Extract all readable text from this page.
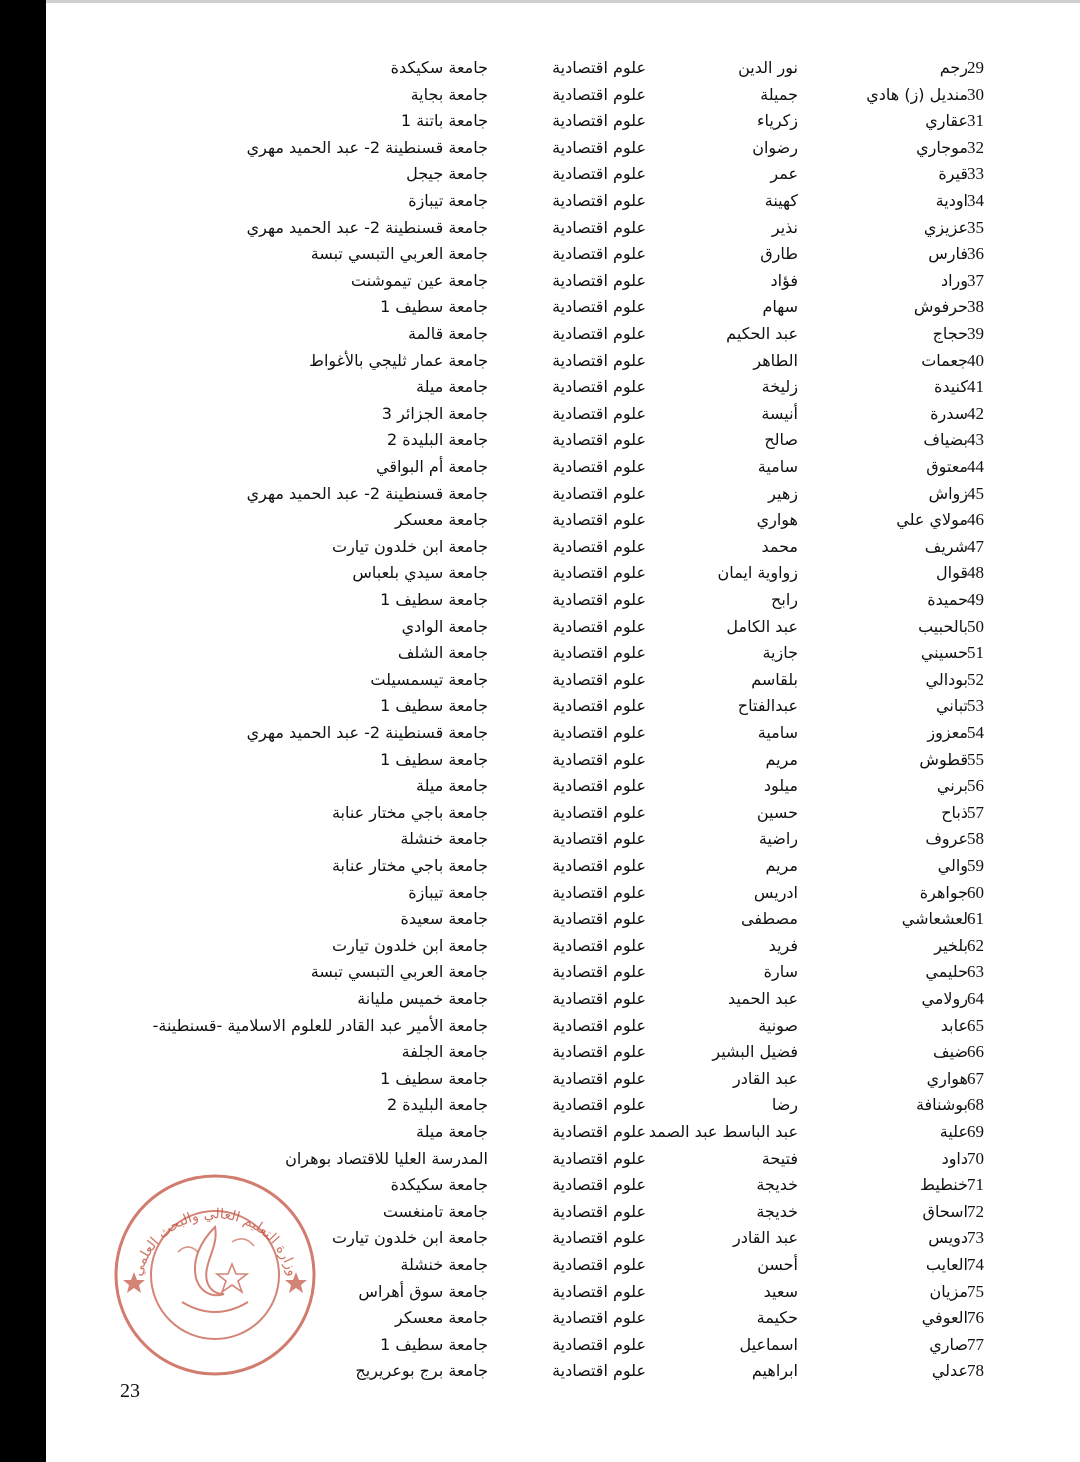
29
رجم
نور الدين
علوم اقتصادية
جامعة سكيكدة
30
منديل (ز) هادي
جميلة
علوم اقتصادية
جامعة بجاية
31
عقاري
زكرياء
علوم اقتصادية
جامعة باتنة 1
32
موجاري
رضوان
علوم اقتصادية
جامعة قسنطينة 2- عبد الحميد مهري
33
قيرة
عمر
علوم اقتصادية
جامعة جيجل
34
اودية
كهينة
علوم اقتصادية
جامعة تيبازة
35
عزيزي
نذير
علوم اقتصادية
جامعة قسنطينة 2- عبد الحميد مهري
36
فارس
طارق
علوم اقتصادية
جامعة العربي التبسي تبسة
37
وراد
فؤاد
علوم اقتصادية
جامعة عين تيموشنت
38
حرفوش
سهام
علوم اقتصادية
جامعة سطيف 1
39
حجاج
عبد الحكيم
علوم اقتصادية
جامعة قالمة
40
جعمات
الطاهر
علوم اقتصادية
جامعة عمار ثليجي بالأغواط
41
كنيدة
زليخة
علوم اقتصادية
جامعة ميلة
42
سدرة
أنيسة
علوم اقتصادية
جامعة الجزائر 3
43
بضياف
صالح
علوم اقتصادية
جامعة البليدة 2
44
معتوق
سامية
علوم اقتصادية
جامعة أم البواقي
45
زواش
زهير
علوم اقتصادية
جامعة قسنطينة 2- عبد الحميد مهري
46
مولاي علي
هواري
علوم اقتصادية
جامعة معسكر
47
شريف
محمد
علوم اقتصادية
جامعة ابن خلدون تيارت
48
قوال
زواوية ايمان
علوم اقتصادية
جامعة سيدي بلعباس
49
حميدة
رابح
علوم اقتصادية
جامعة سطيف 1
50
بالحبيب
عبد الكامل
علوم اقتصادية
جامعة الوادي
51
حسيني
جازية
علوم اقتصادية
جامعة الشلف
52
بودالي
بلقاسم
علوم اقتصادية
جامعة تيسمسيلت
53
تباني
عبدالفتاح
علوم اقتصادية
جامعة سطيف 1
54
معزوز
سامية
علوم اقتصادية
جامعة قسنطينة 2- عبد الحميد مهري
55
قطوش
مريم
علوم اقتصادية
جامعة سطيف 1
56
برني
ميلود
علوم اقتصادية
جامعة ميلة
57
ذباح
حسين
علوم اقتصادية
جامعة باجي مختار عنابة
58
عروف
راضية
علوم اقتصادية
جامعة خنشلة
59
والي
مريم
علوم اقتصادية
جامعة باجي مختار عنابة
60
جواهرة
ادريس
علوم اقتصادية
جامعة تيبازة
61
لعشعاشي
مصطفى
علوم اقتصادية
جامعة سعيدة
62
بلخير
فريد
علوم اقتصادية
جامعة ابن خلدون تيارت
63
حليمي
سارة
علوم اقتصادية
جامعة العربي التبسي تبسة
64
رولامي
عبد الحميد
علوم اقتصادية
جامعة خميس مليانة
65
عابد
صونية
علوم اقتصادية
جامعة الأمير عبد القادر للعلوم الاسلامية -قسنطينة-
66
ضيف
فضيل البشير
علوم اقتصادية
جامعة الجلفة
67
هواري
عبد القادر
علوم اقتصادية
جامعة سطيف 1
68
بوشنافة
رضا
علوم اقتصادية
جامعة البليدة 2
69
علية
عبد الباسط عبد الصمد
علوم اقتصادية
جامعة ميلة
70
داود
فتيحة
علوم اقتصادية
المدرسة العليا للاقتصاد بوهران
71
خنطيط
خديجة
علوم اقتصادية
جامعة سكيكدة
72
اسحاق
خديجة
علوم اقتصادية
جامعة تامنغست
73
دويس
عبد القادر
علوم اقتصادية
جامعة ابن خلدون تيارت
74
العايب
أحسن
علوم اقتصادية
جامعة خنشلة
75
مزيان
سعيد
علوم اقتصادية
جامعة سوق أهراس
76
العوفي
حكيمة
علوم اقتصادية
جامعة معسكر
77
صاري
اسماعيل
علوم اقتصادية
جامعة سطيف 1
78
عدلي
ابراهيم
علوم اقتصادية
جامعة برج بوعريريج
وزارة التعليم العالي والبحث العلمي
23
